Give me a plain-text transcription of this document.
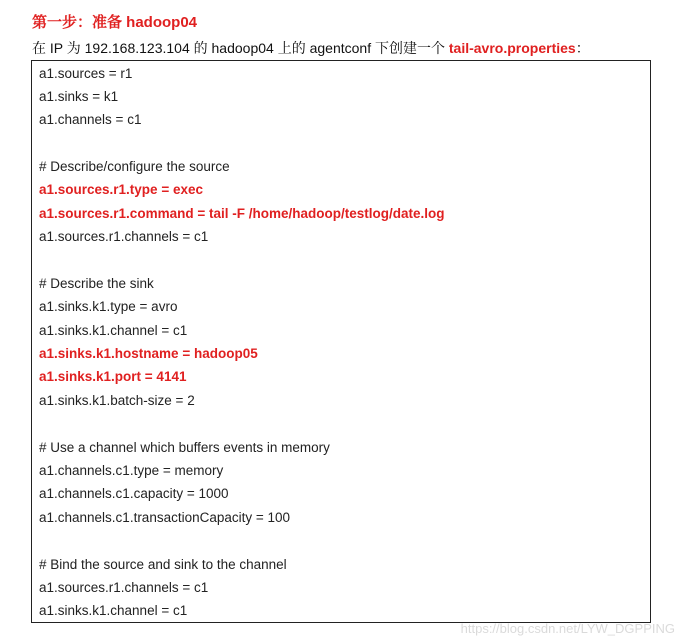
第一步：准备 hadoop04
在 IP 为 192.168.123.104 的 hadoop04 上的 agentconf 下创建一个 tail-avro.properties：
a1.sources = r1
a1.sinks = k1
a1.channels = c1
# Describe/configure the source
a1.sources.r1.type = exec
a1.sources.r1.command = tail -F /home/hadoop/testlog/date.log
a1.sources.r1.channels = c1
# Describe the sink
a1.sinks.k1.type = avro
a1.sinks.k1.channel = c1
a1.sinks.k1.hostname = hadoop05
a1.sinks.k1.port = 4141
a1.sinks.k1.batch-size = 2
# Use a channel which buffers events in memory
a1.channels.c1.type = memory
a1.channels.c1.capacity = 1000
a1.channels.c1.transactionCapacity = 100
# Bind the source and sink to the channel
a1.sources.r1.channels = c1
a1.sinks.k1.channel = c1
https://blog.csdn.net/LYW_DGPPING
